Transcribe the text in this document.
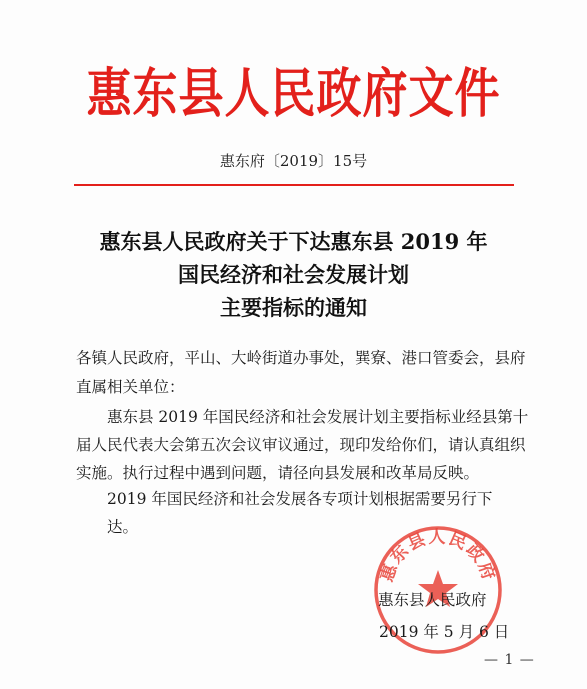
惠东县人民政府文件
惠东府〔2019〕15号
惠东县人民政府关于下达惠东县 2019 年
国民经济和社会发展计划
主要指标的通知
各镇人民政府，平山、大岭街道办事处，巽寮、港口管委会，县府
直属相关单位：
惠东县 2019 年国民经济和社会发展计划主要指标业经县第十
届人民代表大会第五次会议审议通过，现印发给你们，请认真组织
实施。执行过程中遇到问题，请径向县发展和改革局反映。
2019 年国民经济和社会发展各专项计划根据需要另行下达。
惠东县人民政府
惠东县人民政府
2019 年 5 月 6 日
— 1 —
